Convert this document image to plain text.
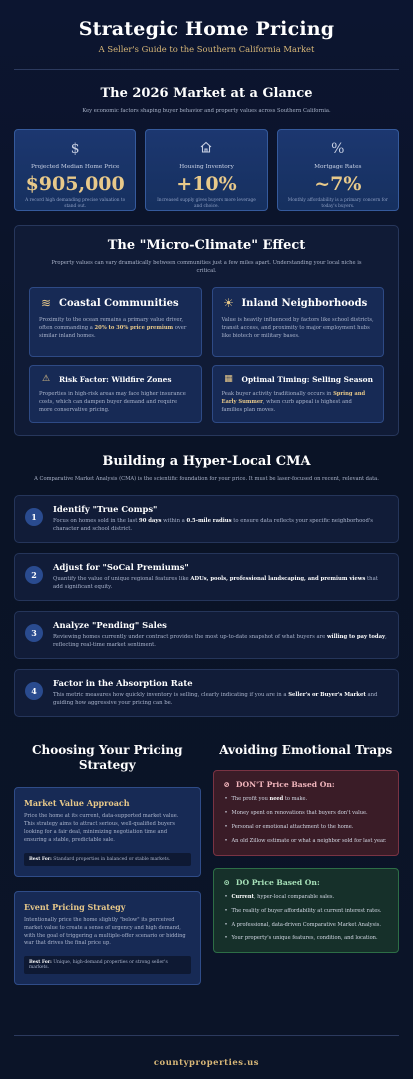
Strategic Home Pricing
A Seller's Guide to the Southern California Market
The 2026 Market at a Glance
Key economic factors shaping buyer behavior and property values across Southern California.
$
Projected Median Home Price
$905,000
A record high demanding precise valuation to stand out.
Housing Inventory
+10%
Increased supply gives buyers more leverage and choice.
%
Mortgage Rates
~7%
Monthly affordability is a primary concern for today's buyers.
The "Micro-Climate" Effect
Property values can vary dramatically between communities just a few miles apart. Understanding your local niche is critical.
≋ Coastal Communities
Proximity to the ocean remains a primary value driver, often commanding a 20% to 30% price premium over similar inland homes.
☀ Inland Neighborhoods
Value is heavily influenced by factors like school districts, transit access, and proximity to major employment hubs like biotech or military bases.
⚠	Risk Factor: Wildfire Zones
Properties in high-risk areas may face higher insurance costs, which can dampen buyer demand and require more conservative pricing.
▦	Optimal Timing: Selling Season
Peak buyer activity traditionally occurs in Spring and Early Summer, when curb appeal is highest and families plan moves.
Building a Hyper-Local CMA
A Comparative Market Analysis (CMA) is the scientific foundation for your price. It must be laser-focused on recent, relevant data.
1
Identify "True Comps"
Focus on homes sold in the last 90 days within a 0.5-mile radius to ensure data reflects your specific neighborhood's character and school district.
2
Adjust for "SoCal Premiums"
Quantify the value of unique regional features like ADUs, pools, professional landscaping, and premium views that add significant equity.
3
Analyze "Pending" Sales
Reviewing homes currently under contract provides the most up-to-date snapshot of what buyers are willing to pay today, reflecting real-time market sentiment.
4
Factor in the Absorption Rate
This metric measures how quickly inventory is selling, clearly indicating if you are in a Seller's or Buyer's Market and guiding how aggressive your pricing can be.
Choosing Your Pricing Strategy
Market Value Approach
Price the home at its current, data-supported market value. This strategy aims to attract serious, well-qualified buyers looking for a fair deal, minimizing negotiation time and ensuring a stable, predictable sale.
Best For: Standard properties in balanced or stable markets.
Event Pricing Strategy
Intentionally price the home slightly "below" its perceived market value to create a sense of urgency and high demand, with the goal of triggering a multiple-offer scenario or bidding war that drives the final price up.
Best For: Unique, high-demand properties or strong seller's markets.
Avoiding Emotional Traps
⊘ DON'T Price Based On:
• The profit you need to make.
• Money spent on renovations that buyers don't value.
• Personal or emotional attachment to the home.
• An old Zillow estimate or what a neighbor sold for last year.
⊙ DO Price Based On:
• Current, hyper-local comparable sales.
• The reality of buyer affordability at current interest rates.
• A professional, data-driven Comparative Market Analysis.
• Your property's unique features, condition, and location.
countyproperties.us
